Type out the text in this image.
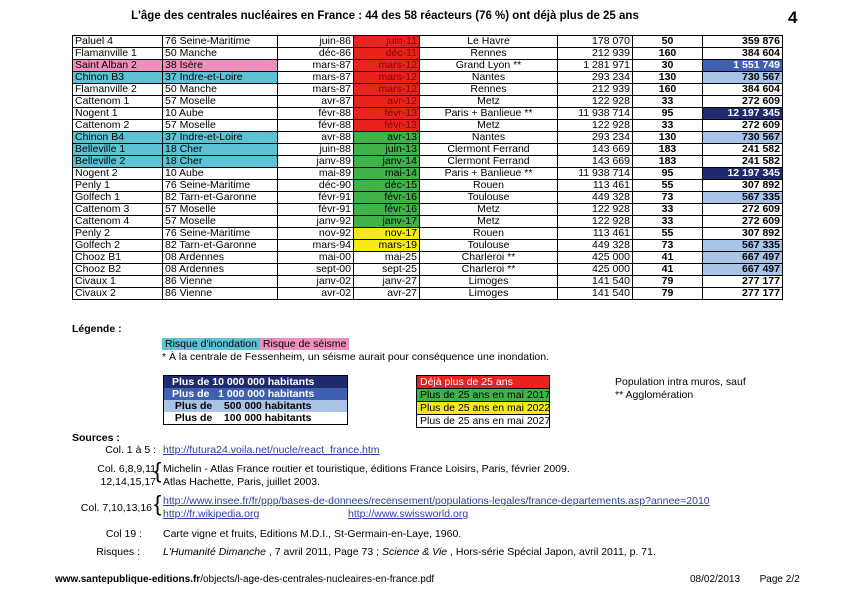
L'âge des centrales nucléaires en France : 44 des 58 réacteurs (76 %) ont déjà plus de 25 ans	4
Paluel 4	76 Seine-Maritime	juin-86	juin-11	Le Havre	178 070	50	359 876
Flamanville 1	50 Manche	déc-86	déc-11	Rennes	212 939	160	384 604
Saint Alban 2	38 Isère	mars-87	mars-12	Grand Lyon **	1 281 971	30	1 551 749
Chinon B3	37 Indre-et-Loire	mars-87	mars-12	Nantes	293 234	130	730 567
Flamanville 2	50 Manche	mars-87	mars-12	Rennes	212 939	160	384 604
Cattenom 1	57 Moselle	avr-87	avr-12	Metz	122 928	33	272 609
Nogent 1	10 Aube	févr-88	févr-13	Paris + Banlieue **	11 938 714	95	12 197 345
Cattenom 2	57 Moselle	févr-88	févr-13	Metz	122 928	33	272 609
Chinon B4	37 Indre-et-Loire	avr-88	avr-13	Nantes	293 234	130	730 567
Belleville 1	18 Cher	juin-88	juin-13	Clermont Ferrand	143 669	183	241 582
Belleville 2	18 Cher	janv-89	janv-14	Clermont Ferrand	143 669	183	241 582
Nogent 2	10 Aube	mai-89	mai-14	Paris + Banlieue **	11 938 714	95	12 197 345
Penly 1	76 Seine-Maritime	déc-90	déc-15	Rouen	113 461	55	307 892
Golfech 1	82 Tarn-et-Garonne	févr-91	févr-16	Toulouse	449 328	73	567 335
Cattenom 3	57 Moselle	févr-91	févr-16	Metz	122 928	33	272 609
Cattenom 4	57 Moselle	janv-92	janv-17	Metz	122 928	33	272 609
Penly 2	76 Seine-Maritime	nov-92	nov-17	Rouen	113 461	55	307 892
Golfech 2	82 Tarn-et-Garonne	mars-94	mars-19	Toulouse	449 328	73	567 335
Chooz B1	08 Ardennes	mai-00	mai-25	Charleroi **	425 000	41	667 497
Chooz B2	08 Ardennes	sept-00	sept-25	Charleroi **	425 000	41	667 497
Civaux 1	86 Vienne	janv-02	janv-27	Limoges	141 540	79	277 177
Civaux 2	86 Vienne	avr-02	avr-27	Limoges	141 540	79	277 177
Légende :
Risque d'inondation Risque de séisme
* À la centrale de Fessenheim, un séisme aurait pour conséquence une inondation.
Plus de 10 000 000 habitants
Plus de   1 000 000 habitants
Plus de    500 000 habitants
Plus de    100 000 habitants
Déjà plus de 25 ans
Plus de 25 ans en mai 2017
Plus de 25 ans en mai 2022
Plus de 25 ans en mai 2027
Population intra muros, sauf
** Agglomération
Sources :
Col. 1 à 5 : http://futura24.voila.net/nucle/react_france.htm
Col. 6,8,9,11
12,14,15,17
{ Michelin - Atlas France routier et touristique, éditions France Loisirs, Paris, février 2009.
Atlas Hachette, Paris, juillet 2003.
Col. 7,10,13,16 { http://www.insee.fr/fr/ppp/bases-de-donnees/recensement/populations-legales/france-departements.asp?annee=2010
http://fr.wikipedia.org	http://www.swissworld.org
Col 19 : Carte vigne et fruits, Editions M.D.I., St-Germain-en-Laye, 1960.
Risques : L'Humanité Dimanche , 7 avril 2011, Page 73 ; Science & Vie , Hors-série Spécial Japon, avril 2011, p. 71.
www.santepublique-editions.fr/objects/l-age-des-centrales-nucleaires-en-france.pdf	08/02/2013 Page 2/2
